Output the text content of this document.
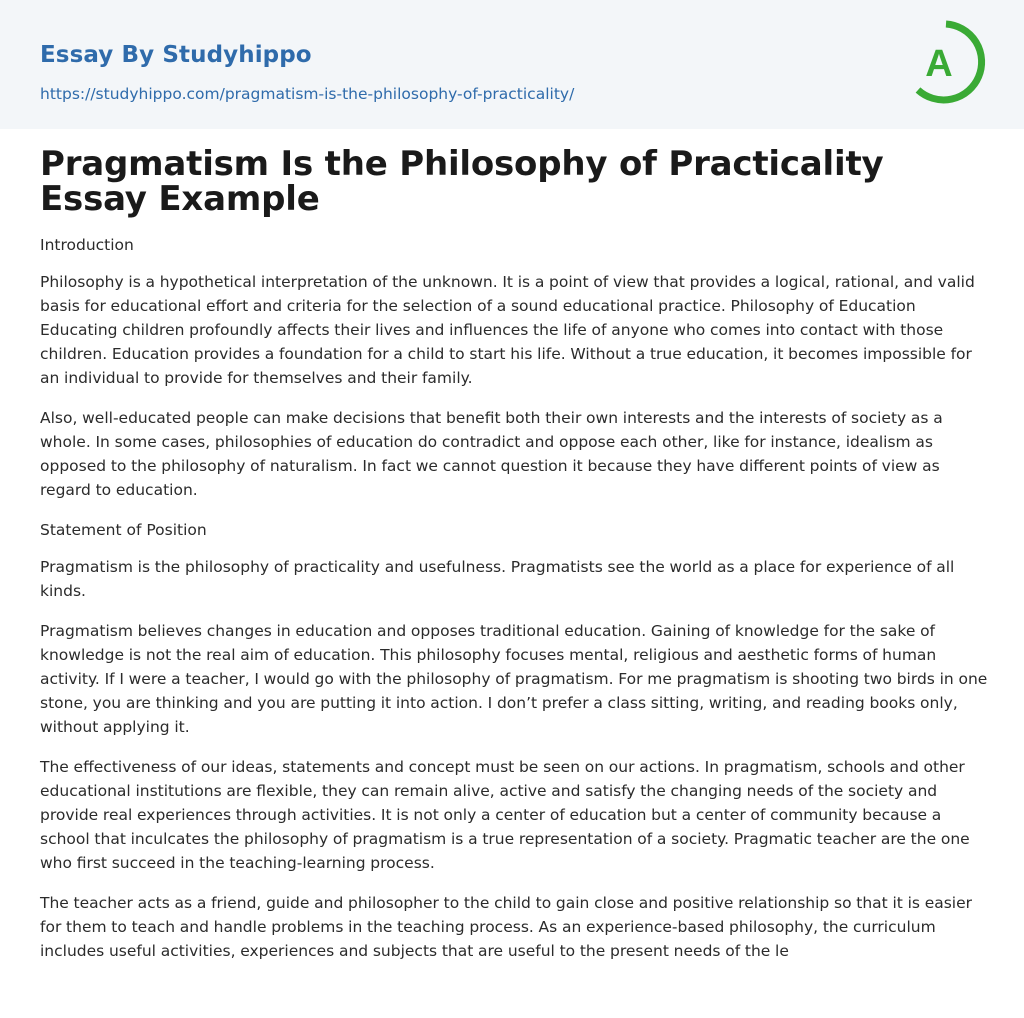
Essay By Studyhippo

https://studyhippo.com/pragmatism-is-the-philosophy-of-practicality/
A
Pragmatism Is the Philosophy of Practicality Essay Example

Introduction

Philosophy is a hypothetical interpretation of the unknown. It is a point of view that provides a logical, rational, and valid basis for educational effort and criteria for the selection of a sound educational practice. Philosophy of Education Educating children profoundly affects their lives and influences the life of anyone who comes into contact with those children. Education provides a foundation for a child to start his life. Without a true education, it becomes impossible for an individual to provide for themselves and their family.

Also, well-educated people can make decisions that benefit both their own interests and the interests of society as a whole. In some cases, philosophies of education do contradict and oppose each other, like for instance, idealism as opposed to the philosophy of naturalism. In fact we cannot question it because they have different points of view as regard to education.

Statement of Position

Pragmatism is the philosophy of practicality and usefulness. Pragmatists see the world as a place for experience of all kinds.

Pragmatism believes changes in education and opposes traditional education. Gaining of knowledge for the sake of knowledge is not the real aim of education. This philosophy focuses mental, religious and aesthetic forms of human activity. If I were a teacher, I would go with the philosophy of pragmatism. For me pragmatism is shooting two birds in one stone, you are thinking and you are putting it into action. I don’t prefer a class sitting, writing, and reading books only, without applying it.

The effectiveness of our ideas, statements and concept must be seen on our actions. In pragmatism, schools and other educational institutions are flexible, they can remain alive, active and satisfy the changing needs of the society and provide real experiences through activities. It is not only a center of education but a center of community because a school that inculcates the philosophy of pragmatism is a true representation of a society. Pragmatic teacher are the one who first succeed in the teaching-learning process.

The teacher acts as a friend, guide and philosopher to the child to gain close and positive relationship so that it is easier for them to teach and handle problems in the teaching process. As an experience-based philosophy, the curriculum includes useful activities, experiences and subjects that are useful to the present needs of the le
